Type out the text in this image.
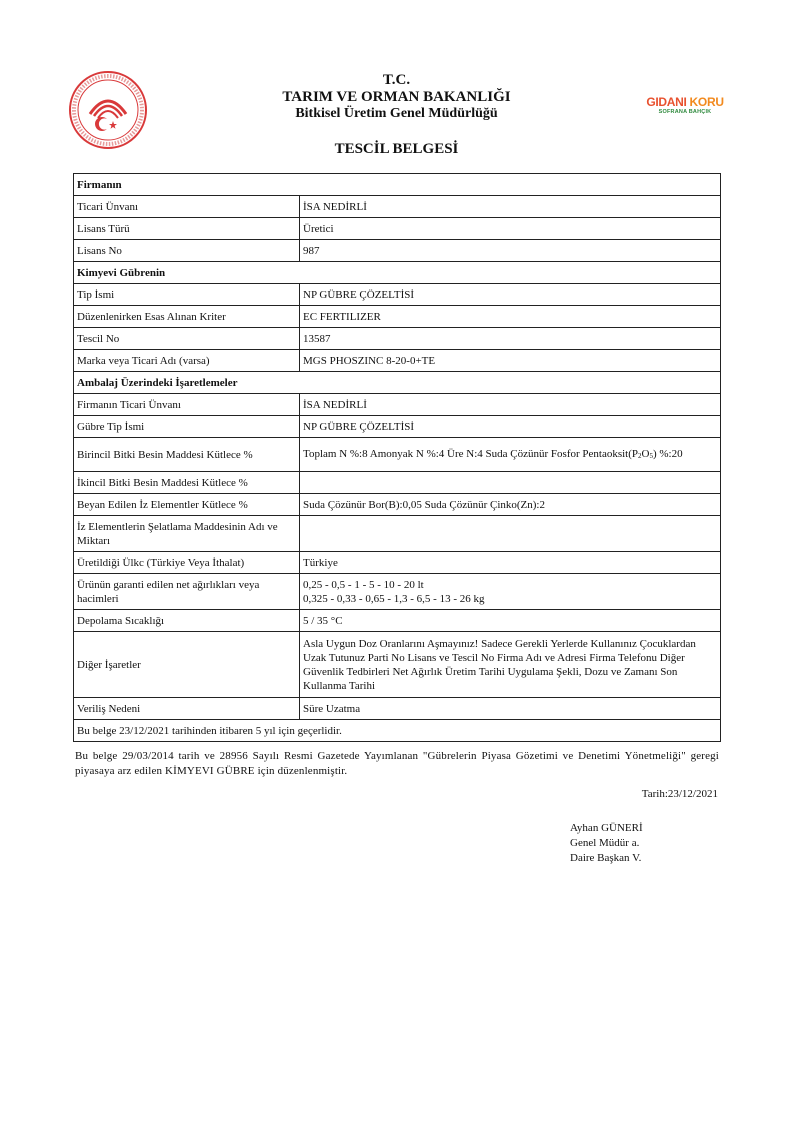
T.C.
TARIM VE ORMAN BAKANLIĞI
Bitkisel Üretim Genel Müdürlüğü
GIDANI KORU
SOFRANA BAHÇIK
TESCİL BELGESİ
Firmanın	
Ticari Ünvanı	İSA NEDİRLİ
Lisans Türü	Üretici
Lisans No	987
Kimyevi Gübrenin	
Tip İsmi	NP GÜBRE ÇÖZELTİSİ
Düzenlenirken Esas Alınan Kriter	EC FERTILIZER
Tescil No	13587
Marka veya Ticari Adı (varsa)	MGS PHOSZINC 8-20-0+TE
Ambalaj Üzerindeki İşaretlemeler	
Firmanın Ticari Ünvanı	İSA NEDİRLİ
Gübre Tip İsmi	NP GÜBRE ÇÖZELTİSİ
Birincil Bitki Besin Maddesi Kütlece %	Toplam N %:8 Amonyak N %:4 Üre N:4 Suda Çözünür Fosfor Pentaoksit(P2O5) %:20
İkincil Bitki Besin Maddesi Kütlece %	
Beyan Edilen İz Elementler Kütlece %	Suda Çözünür Bor(B):0,05 Suda Çözünür Çinko(Zn):2
İz Elementlerin Şelatlama Maddesinin Adı ve Miktarı	
Üretildiği Ülkc (Türkiye Veya İthalat)	Türkiye
Ürünün garanti edilen net ağırlıkları veya hacimleri	0,25 - 0,5 - 1 - 5 - 10 - 20 lt
0,325 - 0,33 - 0,65 - 1,3 - 6,5 - 13 - 26 kg

Depolama Sıcaklığı	5 / 35 °C
Diğer İşaretler	Asla Uygun Doz Oranlarını Aşmayınız! Sadece Gerekli Yerlerde Kullanınız Çocuklardan Uzak Tutunuz Parti No Lisans ve Tescil No Firma Adı ve Adresi Firma Telefonu Diğer Güvenlik Tedbirleri Net Ağırlık Üretim Tarihi Uygulama Şekli, Dozu ve Zamanı Son Kullanma Tarihi
Veriliş Nedeni	Süre Uzatma
Bu belge 23/12/2021 tarihinden itibaren 5 yıl için geçerlidir.	
Bu belge 29/03/2014 tarih ve 28956 Sayılı Resmi Gazetede Yayımlanan "Gübrelerin Piyasa Gözetimi ve Denetimi Yönetmeliği" geregi piyasaya arz edilen KİMYEVI GÜBRE için düzenlenmiştir.
Tarih:23/12/2021
Ayhan GÜNERİ
Genel Müdür a.
Daire Başkan V.
